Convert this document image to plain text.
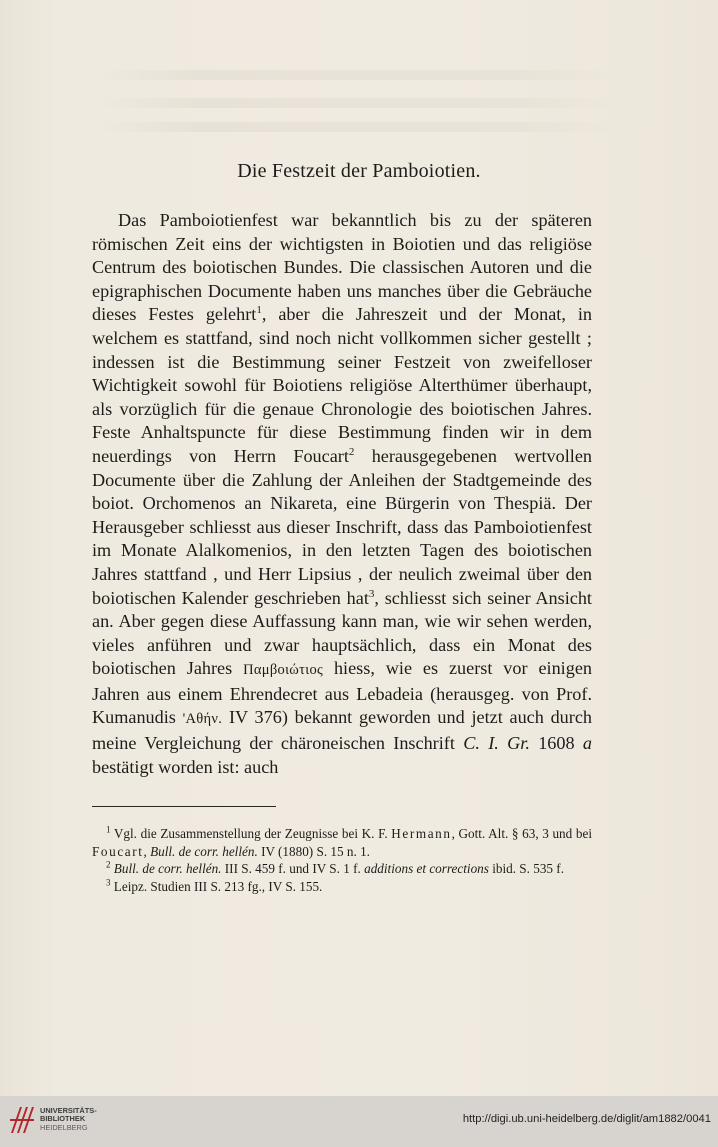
Die Festzeit der Pamboiotien.

Das Pamboiotienfest war bekanntlich bis zu der späteren römischen Zeit eins der wichtigsten in Boiotien und das religiöse Centrum des boiotischen Bundes. Die classischen Autoren und die epigraphischen Documente haben uns manches über die Gebräuche dieses Festes gelehrt$^1$, aber die Jahreszeit und der Monat, in welchem es stattfand, sind noch nicht vollkommen sicher gestellt ; indessen ist die Bestimmung seiner Festzeit von zweifelloser Wichtigkeit sowohl für Boiotiens religiöse Alterthümer überhaupt, als vorzüglich für die genaue Chronologie des boiotischen Jahres. Feste Anhaltspuncte für diese Bestimmung finden wir in dem neuerdings von Herrn Foucart$^2$ herausgegebenen wertvollen Documente über die Zahlung der Anleihen der Stadtgemeinde des boiot. Orchomenos an Nikareta, eine Bürgerin von Thespiä. Der Herausgeber schliesst aus dieser Inschrift, dass das Pamboiotienfest im Monate Alalkomenios, in den letzten Tagen des boiotischen Jahres stattfand , und Herr Lipsius , der neulich zweimal über den boiotischen Kalender geschrieben hat$^3$, schliesst sich seiner Ansicht an. Aber gegen diese Auffassung kann man, wie wir sehen werden, vieles anführen und zwar hauptsächlich, dass ein Monat des boiotischen Jahres Παμβοιώτιος hiess, wie es zuerst vor einigen Jahren aus einem Ehrendecret aus Lebadeia (herausgeg. von Prof. Kumanudis 'Αθήν. IV 376) bekannt geworden und jetzt auch durch meine Vergleichung der chäroneischen Inschrift C. I. Gr. 1608 a bestätigt worden ist: auch

$^1$ Vgl. die Zusammenstellung der Zeugnisse bei K. F. Hermann, Gott. Alt. § 63, 3 und bei Foucart, Bull. de corr. hellén. IV (1880) S. 15 n. 1.

$^2$ Bull. de corr. hellén. III S. 459 f. und IV S. 1 f. additions et corrections ibid. S. 535 f.

$^3$ Leipz. Studien III S. 213 fg., IV S. 155.

UNIVERSITÄTS-
BIBLIOTHEK
HEIDELBERG
http://digi.ub.uni-heidelberg.de/diglit/am1882/0041
